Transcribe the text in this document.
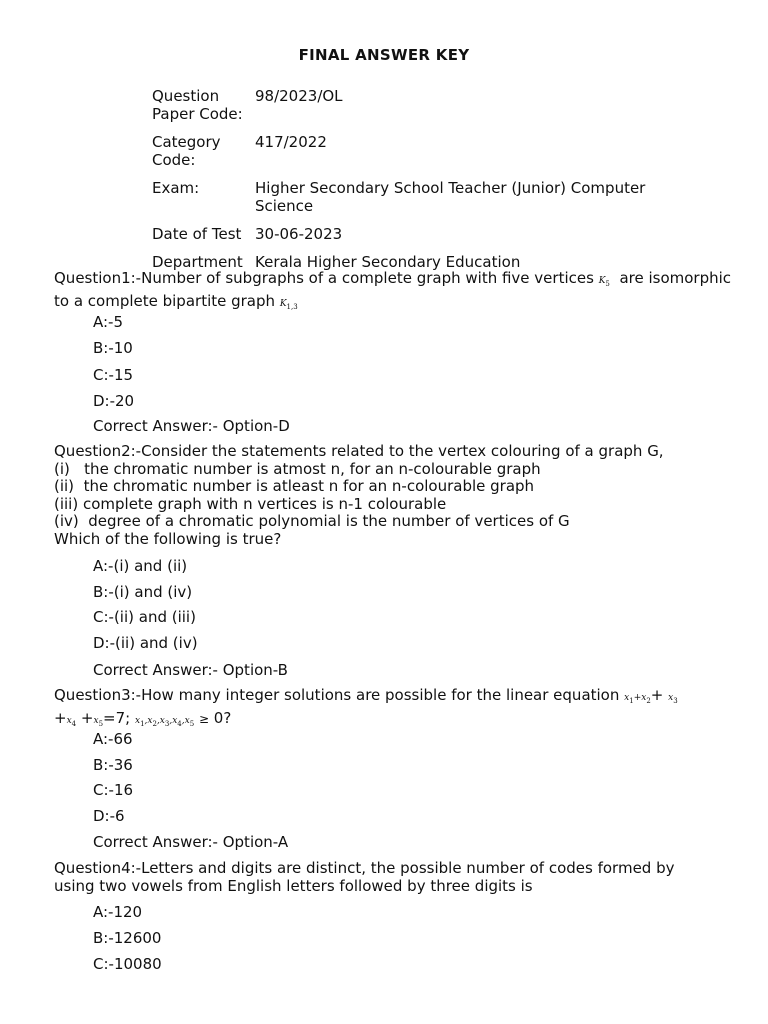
FINAL ANSWER KEY
Question Paper Code:	98/2023/OL
Category Code:	417/2022
Exam:	Higher Secondary School Teacher (Junior) Computer Science
Date of Test	30-06-2023
Department	Kerala Higher Secondary Education
Question1:-Number of subgraphs of a complete graph with five vertices $K_5$ are isomorphic to a complete bipartite graph $K_{1,3}$
A:-5
B:-10
C:-15
D:-20
Correct Answer:- Option-D
Question2:-Consider the statements related to the vertex colouring of a graph G,
(i)   the chromatic number is atmost n, for an n-colourable graph
(ii)  the chromatic number is atleast n for an n-colourable graph
(iii) complete graph with n vertices is n-1 colourable
(iv)  degree of a chromatic polynomial is the number of vertices of G
Which of the following is true?
A:-(i) and (ii)
B:-(i) and (iv)
C:-(ii) and (iii)
D:-(ii) and (iv)
Correct Answer:- Option-B
Question3:-How many integer solutions are possible for the linear equation $x_1+x_2+ x_3$
$+x_4 +x_5=7$; $x_1,x_2,x_3,x_4,x_5 \ge 0$?
A:-66
B:-36
C:-16
D:-6
Correct Answer:- Option-A
Question4:-Letters and digits are distinct, the possible number of codes formed by
using two vowels from English letters followed by three digits is
A:-120
B:-12600
C:-10080
